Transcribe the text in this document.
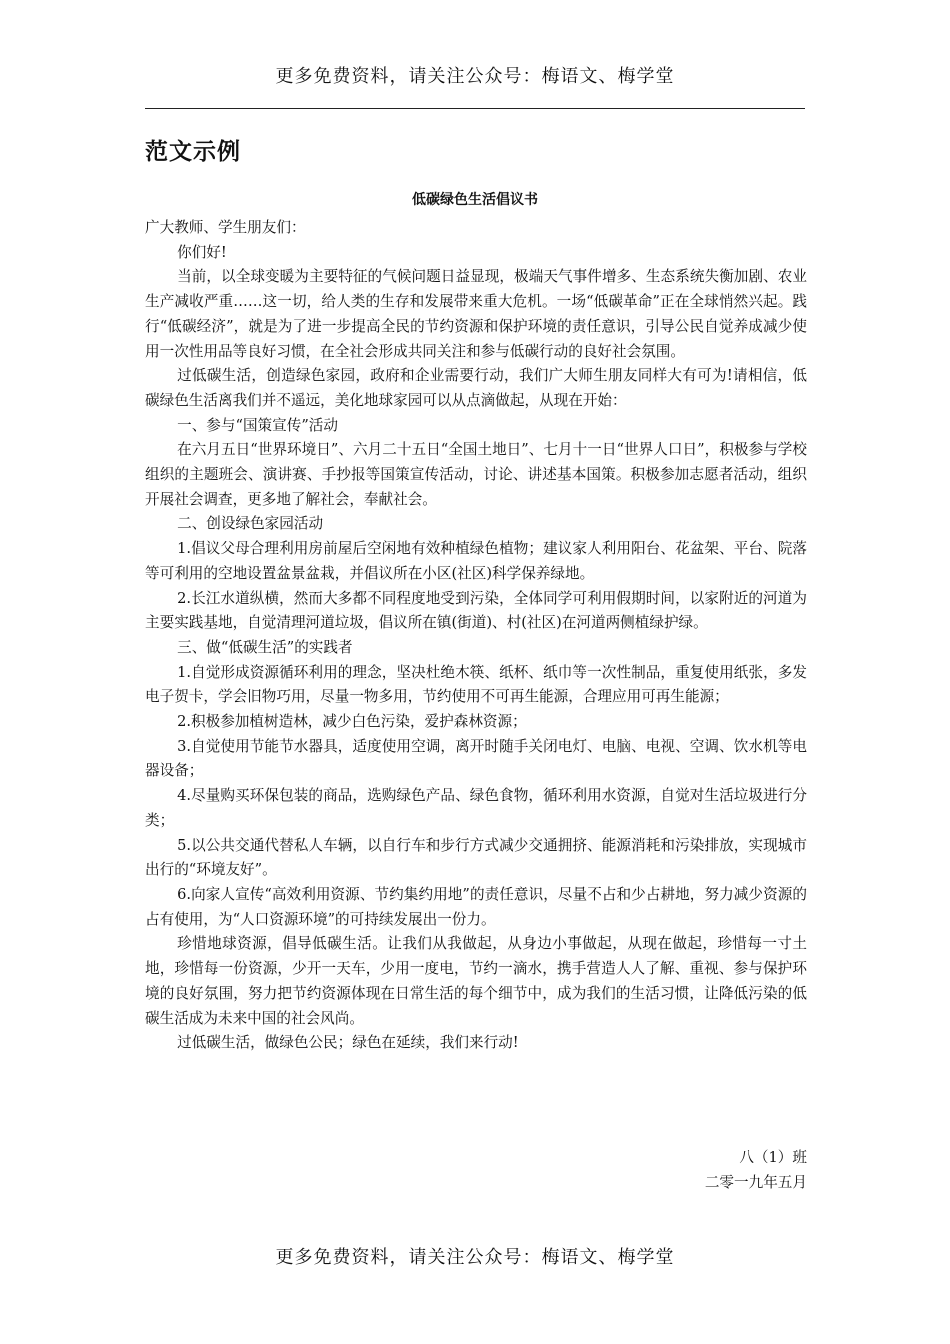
更多免费资料，请关注公众号：梅语文、梅学堂
范文示例
低碳绿色生活倡议书

广大教师、学生朋友们：

你们好!

当前，以全球变暖为主要特征的气候问题日益显现，极端天气事件增多、生态系统失衡加剧、农业生产减收严重……这一切，给人类的生存和发展带来重大危机。一场“低碳革命”正在全球悄然兴起。践行“低碳经济”，就是为了进一步提高全民的节约资源和保护环境的责任意识，引导公民自觉养成减少使用一次性用品等良好习惯，在全社会形成共同关注和参与低碳行动的良好社会氛围。

过低碳生活，创造绿色家园，政府和企业需要行动，我们广大师生朋友同样大有可为!请相信，低碳绿色生活离我们并不遥远，美化地球家园可以从点滴做起，从现在开始：

一、参与“国策宣传”活动

在六月五日“世界环境日”、六月二十五日“全国土地日”、七月十一日“世界人口日”，积极参与学校组织的主题班会、演讲赛、手抄报等国策宣传活动，讨论、讲述基本国策。积极参加志愿者活动，组织开展社会调查，更多地了解社会，奉献社会。

二、创设绿色家园活动

1.倡议父母合理利用房前屋后空闲地有效种植绿色植物；建议家人利用阳台、花盆架、平台、院落等可利用的空地设置盆景盆栽，并倡议所在小区(社区)科学保养绿地。

2.长江水道纵横，然而大多都不同程度地受到污染，全体同学可利用假期时间，以家附近的河道为主要实践基地，自觉清理河道垃圾，倡议所在镇(街道)、村(社区)在河道两侧植绿护绿。

三、做“低碳生活”的实践者

1.自觉形成资源循环利用的理念，坚决杜绝木筷、纸杯、纸巾等一次性制品，重复使用纸张，多发电子贺卡，学会旧物巧用，尽量一物多用，节约使用不可再生能源，合理应用可再生能源；

2.积极参加植树造林，减少白色污染，爱护森林资源；

3.自觉使用节能节水器具，适度使用空调，离开时随手关闭电灯、电脑、电视、空调、饮水机等电器设备；

4.尽量购买环保包装的商品，选购绿色产品、绿色食物，循环利用水资源，自觉对生活垃圾进行分类；

5.以公共交通代替私人车辆，以自行车和步行方式减少交通拥挤、能源消耗和污染排放，实现城市出行的“环境友好”。

6.向家人宣传“高效利用资源、节约集约用地”的责任意识，尽量不占和少占耕地，努力减少资源的占有使用，为“人口资源环境”的可持续发展出一份力。

珍惜地球资源，倡导低碳生活。让我们从我做起，从身边小事做起，从现在做起，珍惜每一寸土地，珍惜每一份资源，少开一天车，少用一度电，节约一滴水，携手营造人人了解、重视、参与保护环境的良好氛围，努力把节约资源体现在日常生活的每个细节中，成为我们的生活习惯，让降低污染的低碳生活成为未来中国的社会风尚。

过低碳生活，做绿色公民；绿色在延续，我们来行动!

八（1）班
二零一九年五月
更多免费资料，请关注公众号：梅语文、梅学堂
